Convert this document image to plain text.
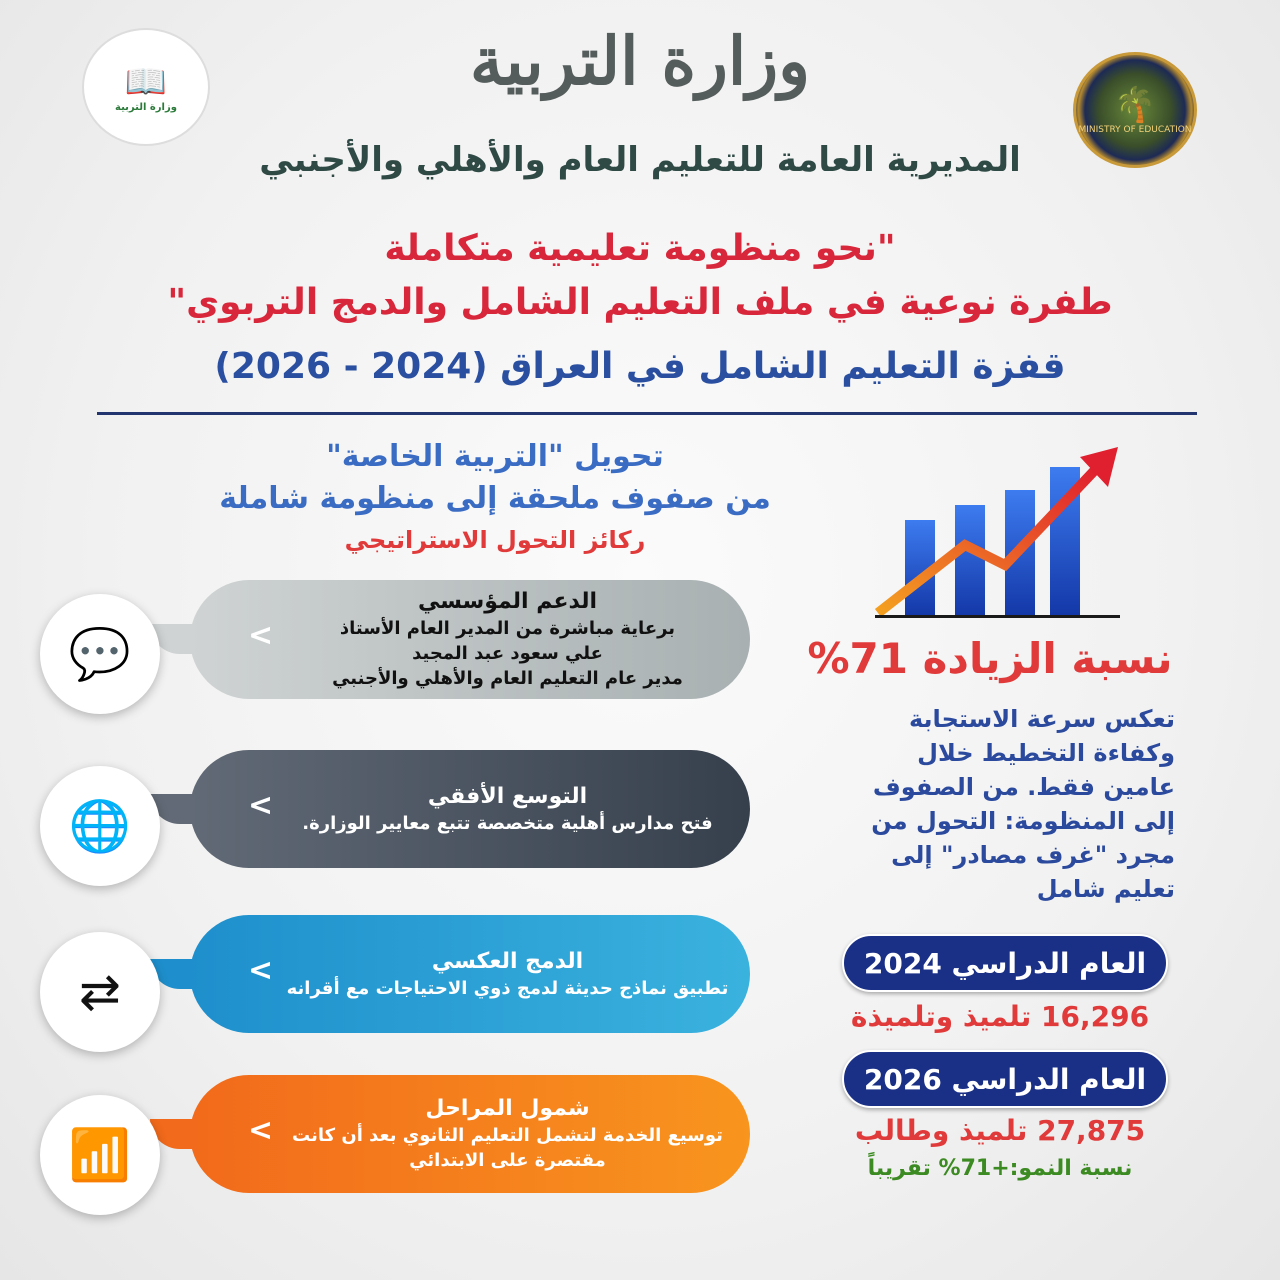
📖
وزارة التربية	🌴
MINISTRY OF EDUCATION
وزارة التربية
المديرية العامة للتعليم العام والأهلي والأجنبي
"نحو منظومة تعليمية متكاملة
طفرة نوعية في ملف التعليم الشامل والدمج التربوي"
قفزة التعليم الشامل في العراق (2024 - 2026)
تحويل "التربية الخاصة"
من صفوف ملحقة إلى منظومة شاملة
ركائز التحول الاستراتيجي
<
الدعم المؤسسي
برعاية مباشرة من المدير العام الأستاذ
علي سعود عبد المجيد
مدير عام التعليم العام والأهلي والأجنبي
<	التوسع الأفقي
فتح مدارس أهلية متخصصة تتبع معايير الوزارة.
<	الدمج العكسي
تطبيق نماذج حديثة لدمج ذوي الاحتياجات مع أقرانه
<
شمول المراحل
توسيع الخدمة لتشمل التعليم الثانوي بعد أن كانت
مقتصرة على الابتدائي
💬
🌐
⇄
📶
نسبة الزيادة 71%
تعكس سرعة الاستجابة
وكفاءة التخطيط خلال
عامين فقط. من الصفوف
إلى المنظومة: التحول من
مجرد "غرف مصادر" إلى
تعليم شامل
العام الدراسي 2024
16,296 تلميذ وتلميذة
العام الدراسي 2026
27,875 تلميذ وطالب
نسبة النمو:+71% تقريباً
